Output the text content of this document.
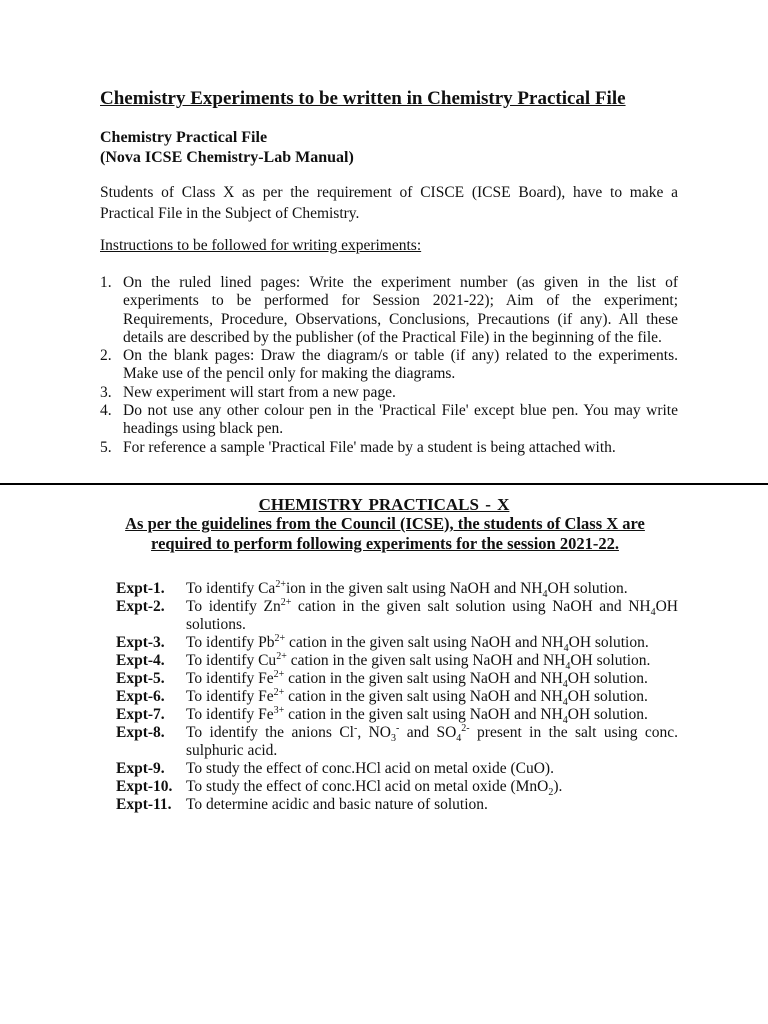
Chemistry Experiments to be written in Chemistry Practical File
Chemistry Practical File
(Nova ICSE Chemistry-Lab Manual)
Students of Class X as per the requirement of CISCE (ICSE Board), have to make a Practical File in the Subject of Chemistry.
Instructions to be followed for writing experiments:
1. On the ruled lined pages: Write the experiment number (as given in the list of experiments to be performed for Session 2021-22); Aim of the experiment; Requirements, Procedure, Observations, Conclusions, Precautions (if any). All these details are described by the publisher (of the Practical File) in the beginning of the file.
2. On the blank pages: Draw the diagram/s or table (if any) related to the experiments. Make use of the pencil only for making the diagrams.
3. New experiment will start from a new page.
4. Do not use any other colour pen in the 'Practical File' except blue pen. You may write headings using black pen.
5. For reference a sample 'Practical File' made by a student is being attached with.
CHEMISTRY PRACTICALS - X
As per the guidelines from the Council (ICSE), the students of Class X are required to perform following experiments for the session 2021-22.
Expt-1.	To identify $Ca^{2+}ion$ in the given salt using NaOH and $NH_4OH$ solution.
Expt-2.	To identify $Zn^{2+}$ cation in the given salt solution using NaOH and $NH_4OH$ solutions.
Expt-3.	To identify $Pb^{2+}$ cation in the given salt using NaOH and $NH_4OH$ solution.
Expt-4.	To identify $Cu^{2+}$ cation in the given salt using NaOH and $NH_4OH$ solution.
Expt-5.	To identify $Fe^{2+}$ cation in the given salt using NaOH and $NH_4OH$ solution.
Expt-6.	To identify $Fe^{2+}$ cation in the given salt using NaOH and $NH_4OH$ solution.
Expt-7.	To identify $Fe^{3+}$ cation in the given salt using NaOH and $NH_4OH$ solution.
Expt-8.	To identify the anions Cl-, $NO_3^-$ and $SO_4^{2-}$ present in the salt using conc. sulphuric acid.
Expt-9.	To study the effect of conc.HCl acid on metal oxide (CuO).
Expt-10. To study the effect of conc.HCl acid on metal oxide (MnO$_2$).
Expt-11. To determine acidic and basic nature of solution.
